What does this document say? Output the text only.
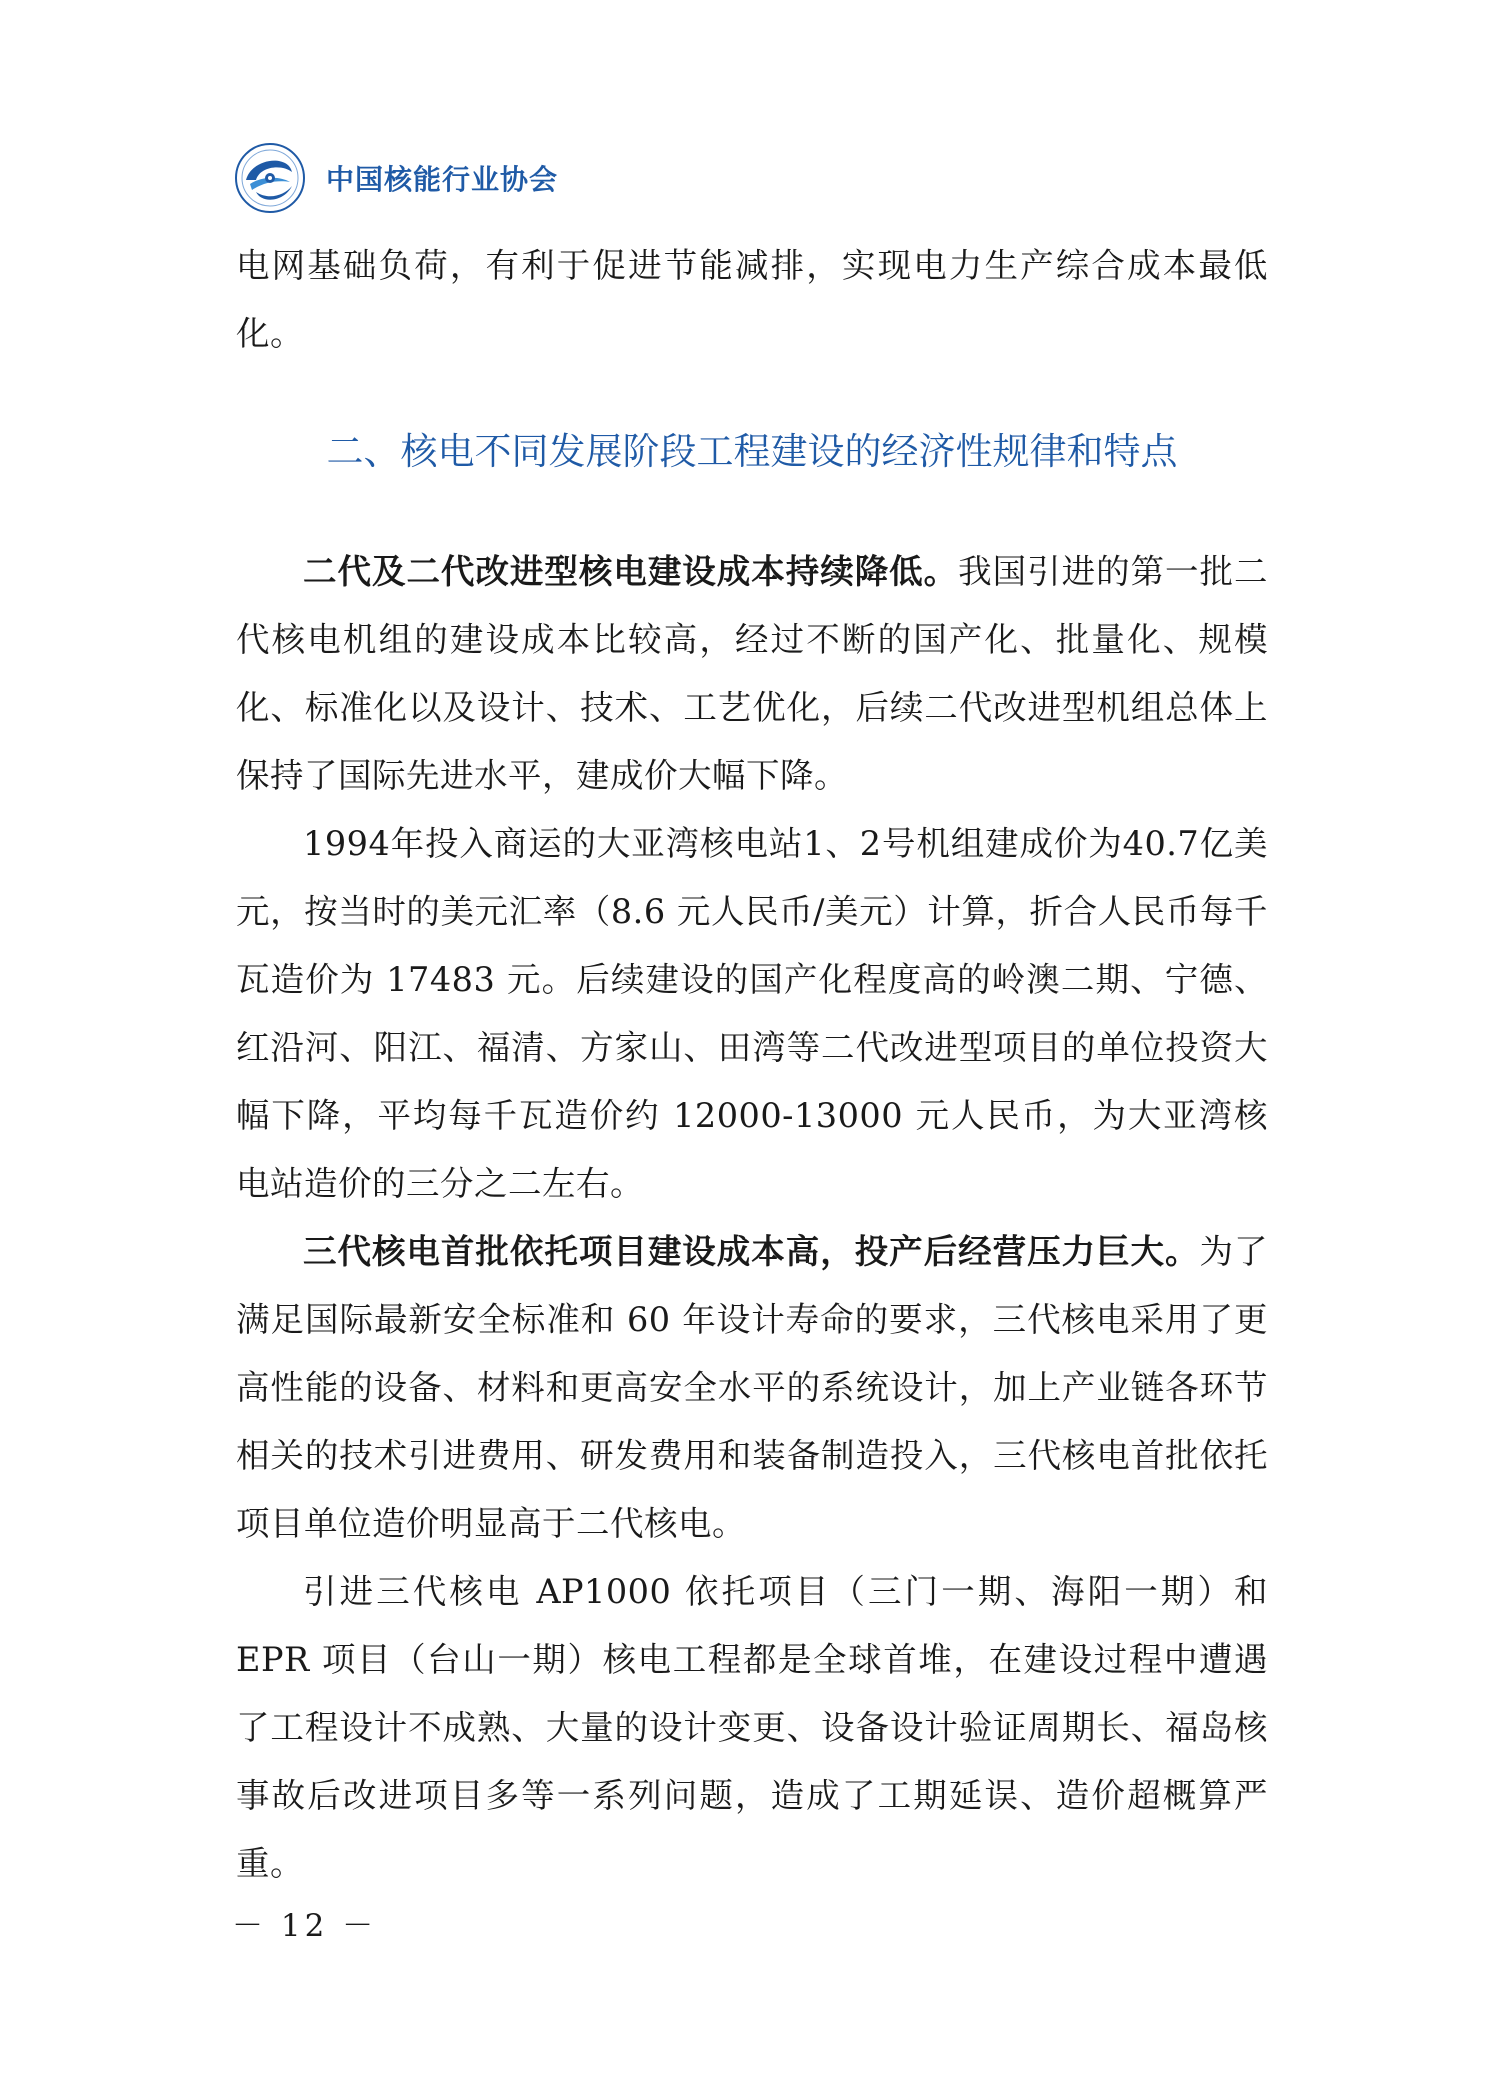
中国核能行业协会

电网基础负荷，有利于促进节能减排，实现电力生产综合成本最低化。

二、核电不同发展阶段工程建设的经济性规律和特点

二代及二代改进型核电建设成本持续降低。我国引进的第一批二代核电机组的建设成本比较高，经过不断的国产化、批量化、规模化、标准化以及设计、技术、工艺优化，后续二代改进型机组总体上保持了国际先进水平，建成价大幅下降。

1994年投入商运的大亚湾核电站1、2号机组建成价为40.7亿美元，按当时的美元汇率（8.6 元人民币/美元）计算，折合人民币每千瓦造价为 17483 元。后续建设的国产化程度高的岭澳二期、宁德、红沿河、阳江、福清、方家山、田湾等二代改进型项目的单位投资大幅下降，平均每千瓦造价约 12000-13000 元人民币，为大亚湾核电站造价的三分之二左右。

三代核电首批依托项目建设成本高，投产后经营压力巨大。为了满足国际最新安全标准和 60 年设计寿命的要求，三代核电采用了更高性能的设备、材料和更高安全水平的系统设计，加上产业链各环节相关的技术引进费用、研发费用和装备制造投入，三代核电首批依托项目单位造价明显高于二代核电。

引进三代核电 AP1000 依托项目（三门一期、海阳一期）和 EPR 项目（台山一期）核电工程都是全球首堆，在建设过程中遭遇了工程设计不成熟、大量的设计变更、设备设计验证周期长、福岛核事故后改进项目多等一系列问题，造成了工期延误、造价超概算严重。

－ 12 －
